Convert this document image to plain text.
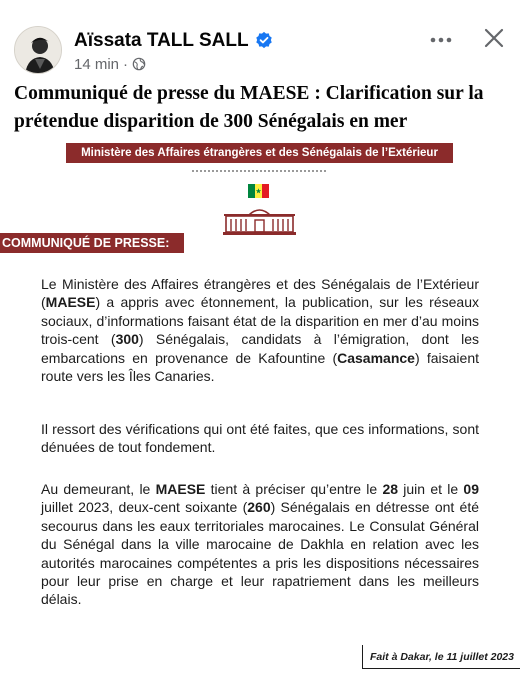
Aïssata TALL SALL
14 min ·
Communiqué de presse du MAESE : Clarification sur la prétendue disparition de 300 Sénégalais en mer
Ministère des Affaires étrangères et des Sénégalais de l’Extérieur
COMMUNIQUÉ DE PRESSE:
Le Ministère des Affaires étrangères et des Sénégalais de l’Extérieur (MAESE) a appris avec étonnement, la publication, sur les réseaux sociaux, d’informations faisant état de la disparition en mer d’au moins trois-cent (300) Sénégalais, candidats à l’émigration, dont les embarcations en provenance de Kafountine (Casamance) faisaient route vers les Îles Canaries.
Il ressort des vérifications qui ont été faites, que ces informations, sont dénuées de tout fondement.
Au demeurant, le MAESE tient à préciser qu’entre le 28 juin et le 09 juillet 2023, deux-cent soixante (260) Sénégalais en détresse ont été secourus dans les eaux territoriales marocaines. Le Consulat Général du Sénégal dans la ville marocaine de Dakhla en relation avec les autorités marocaines compétentes a pris les dispositions nécessaires pour leur prise en charge et leur rapatriement dans les meilleurs délais.
Fait à Dakar, le 11 juillet 2023
